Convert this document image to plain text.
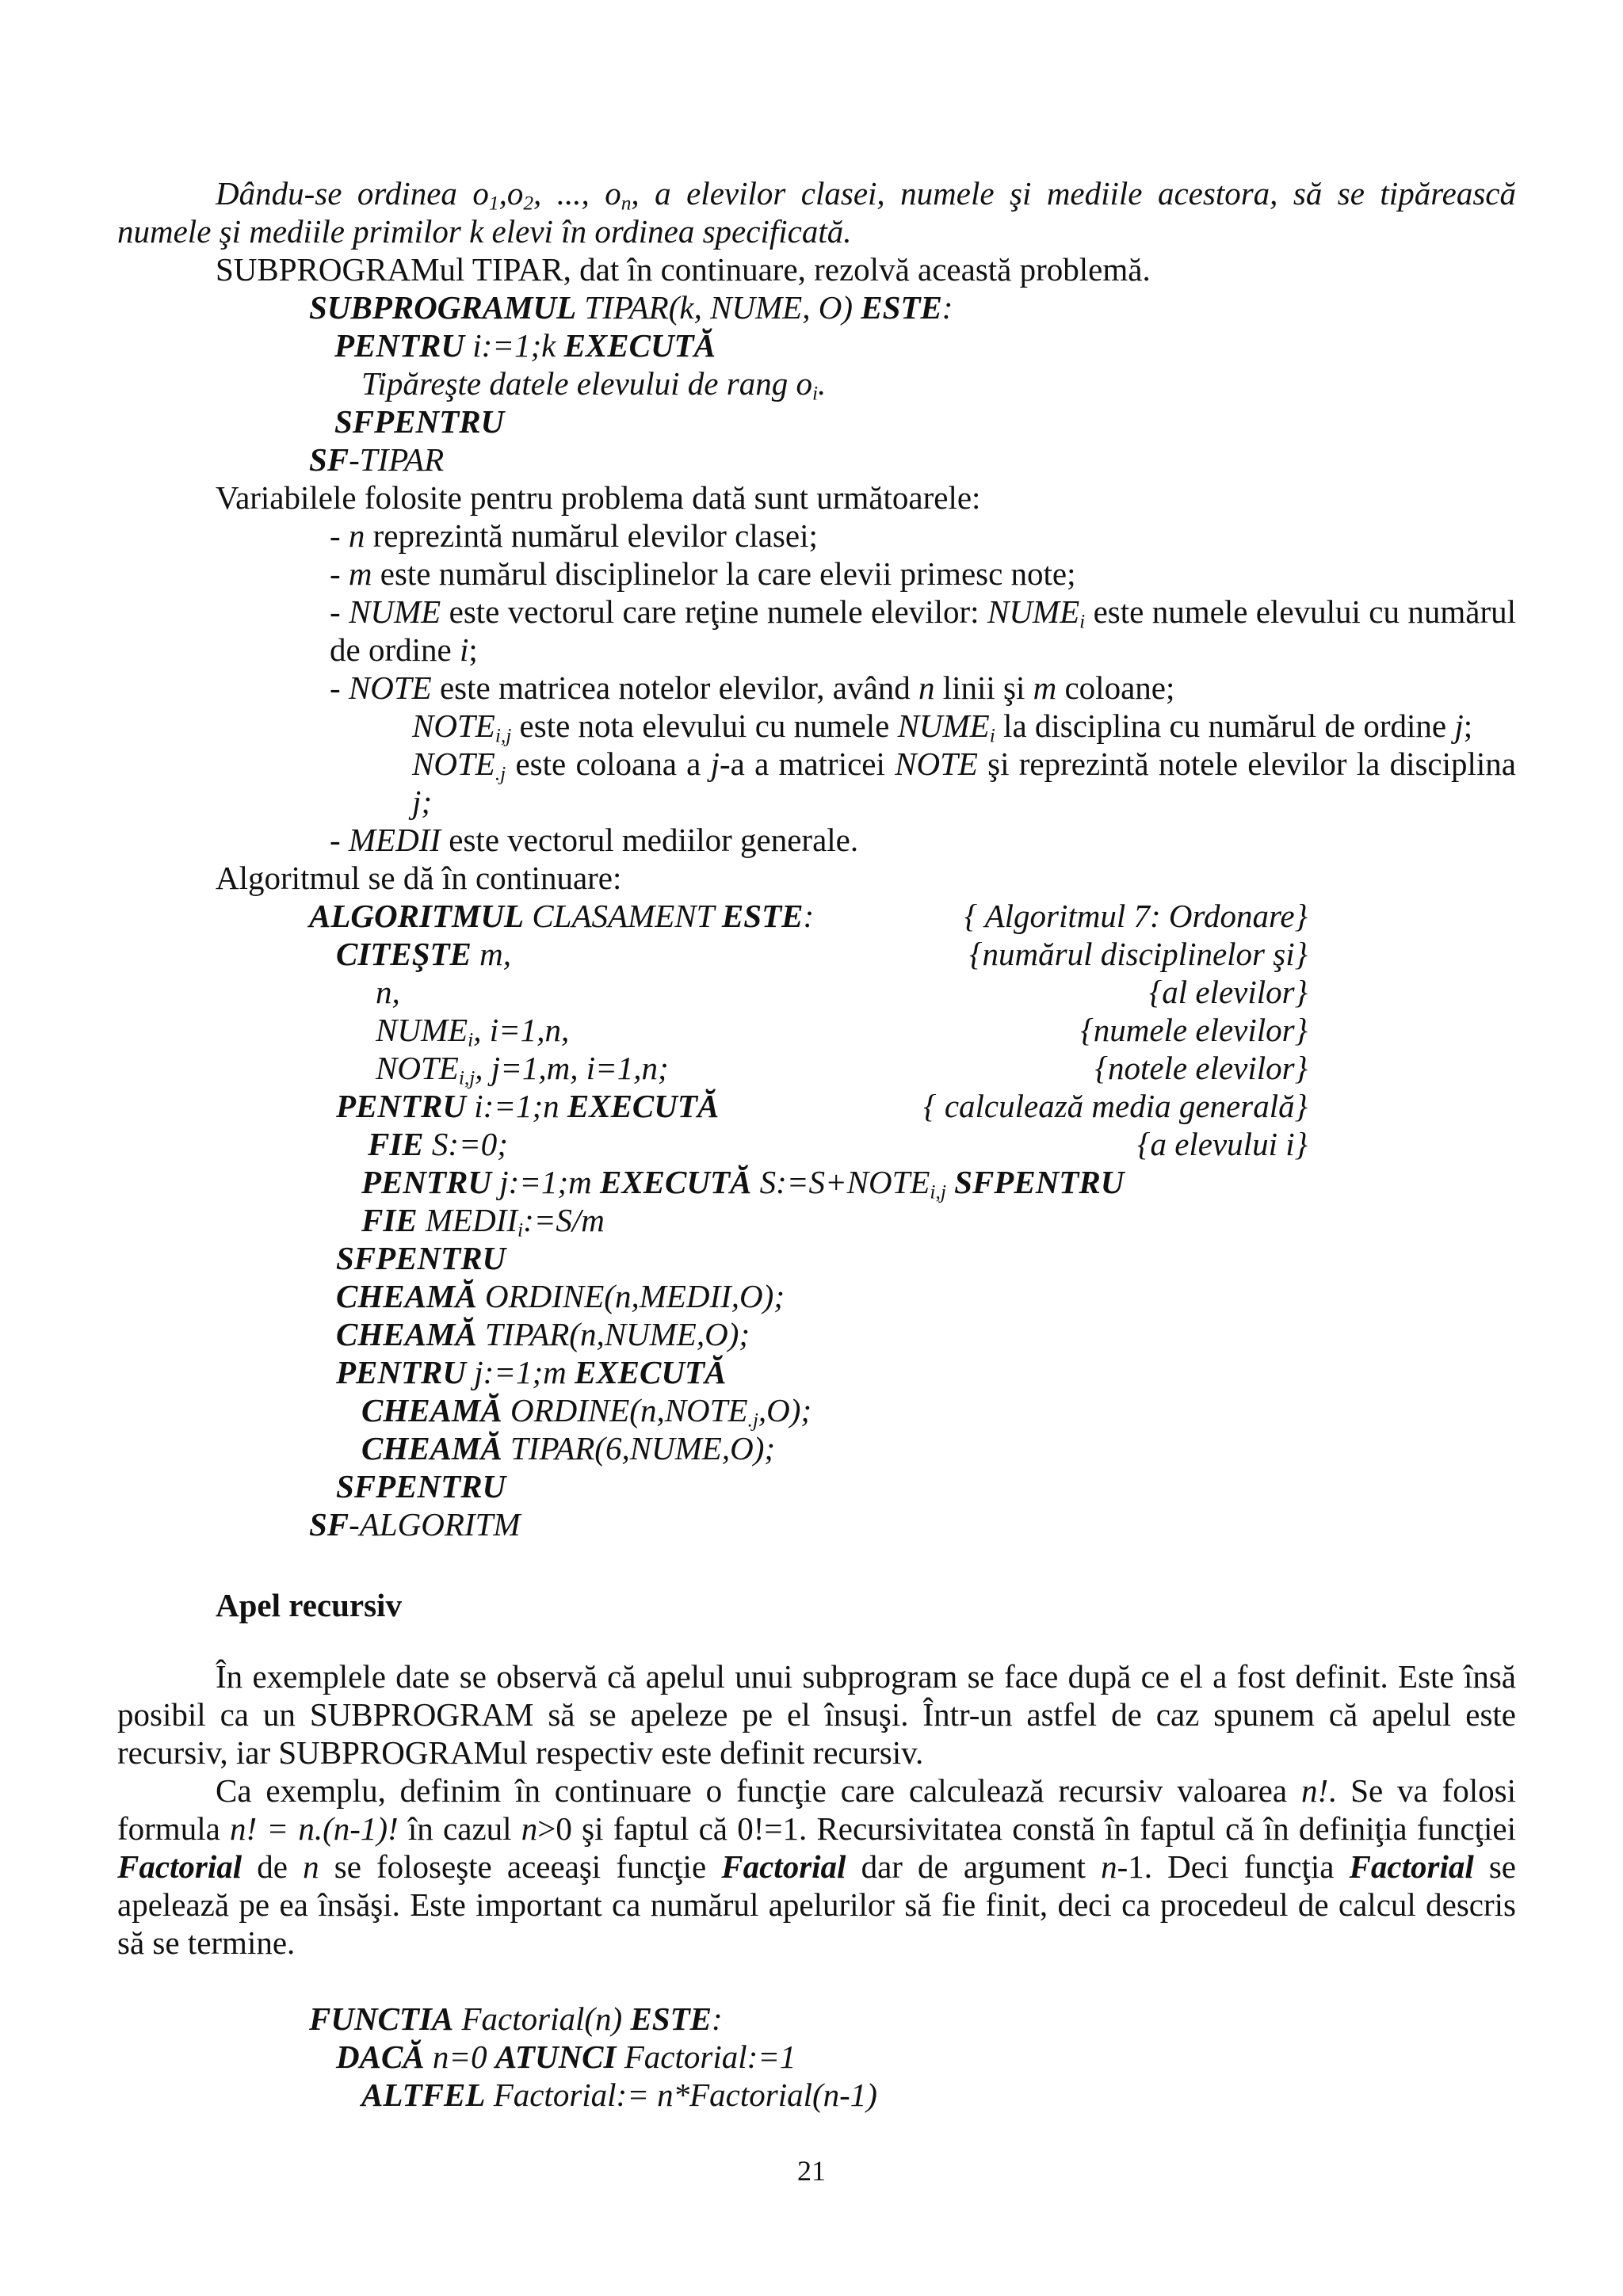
Dându-se ordinea $o_1,o_2$, ..., $o_n$, a elevilor clasei, numele şi mediile acestora, să se tipărească
numele şi mediile primilor k elevi în ordinea specificată.
SUBPROGRAMul TIPAR, dat în continuare, rezolvă această problemă.
SUBPROGRAMUL TIPAR(k, NUME, O) ESTE:
PENTRU i:=1;k EXECUTĂ
Tipăreşte datele elevului de rang $o_i$.
SFPENTRU
SF-TIPAR
Variabilele folosite pentru problema dată sunt următoarele:
- n reprezintă numărul elevilor clasei;
- m este numărul disciplinelor la care elevii primesc note;
- NUME este vectorul care reţine numele elevilor: $NUME_i$ este numele elevului cu numărul
de ordine i;
- NOTE este matricea notelor elevilor, având n linii şi m coloane;
$NOTE_{i,j}$ este nota elevului cu numele $NUME_i$ la disciplina cu numărul de ordine j;
$NOTE_{.j}$ este coloana a j-a a matricei NOTE şi reprezintă notele elevilor la disciplina
j;
- MEDII este vectorul mediilor generale.
Algoritmul se dă în continuare:
ALGORITMUL CLASAMENT ESTE:	{ Algoritmul 7: Ordonare}
CITEŞTE m,	{numărul disciplinelor şi}
n,	{al elevilor}
$NUME_i$, i=1,n,	{numele elevilor}
$NOTE_{i,j}$, j=1,m, i=1,n;	{notele elevilor}
PENTRU i:=1;n EXECUTĂ	{ calculează media generală}
FIE S:=0;	{a elevului i}
PENTRU j:=1;m EXECUTĂ $S:=S+NOTE_{i,j}$ SFPENTRU
FIE $MEDII_i:=S/m$
SFPENTRU
CHEAMĂ ORDINE(n,MEDII,O);
CHEAMĂ TIPAR(n,NUME,O);
PENTRU j:=1;m EXECUTĂ
CHEAMĂ $ORDINE(n,NOTE_{.j},O)$;
CHEAMĂ TIPAR(6,NUME,O);
SFPENTRU
SF-ALGORITM
Apel recursiv
În exemplele date se observă că apelul unui subprogram se face după ce el a fost definit. Este însă
posibil ca un SUBPROGRAM să se apeleze pe el însuşi. Într-un astfel de caz spunem că apelul este
recursiv, iar SUBPROGRAMul respectiv este definit recursiv.
Ca exemplu, definim în continuare o funcţie care calculează recursiv valoarea n!. Se va folosi
formula n! = n.(n-1)! în cazul n>0 şi faptul că 0!=1. Recursivitatea constă în faptul că în definiţia funcţiei
Factorial de n se foloseşte aceeaşi funcţie Factorial dar de argument n-1. Deci funcţia Factorial se
apelează pe ea însăşi. Este important ca numărul apelurilor să fie finit, deci ca procedeul de calcul descris
să se termine.
FUNCTIA Factorial(n) ESTE:
DACĂ n=0 ATUNCI Factorial:=1
ALTFEL Factorial:= n*Factorial(n-1)
21
